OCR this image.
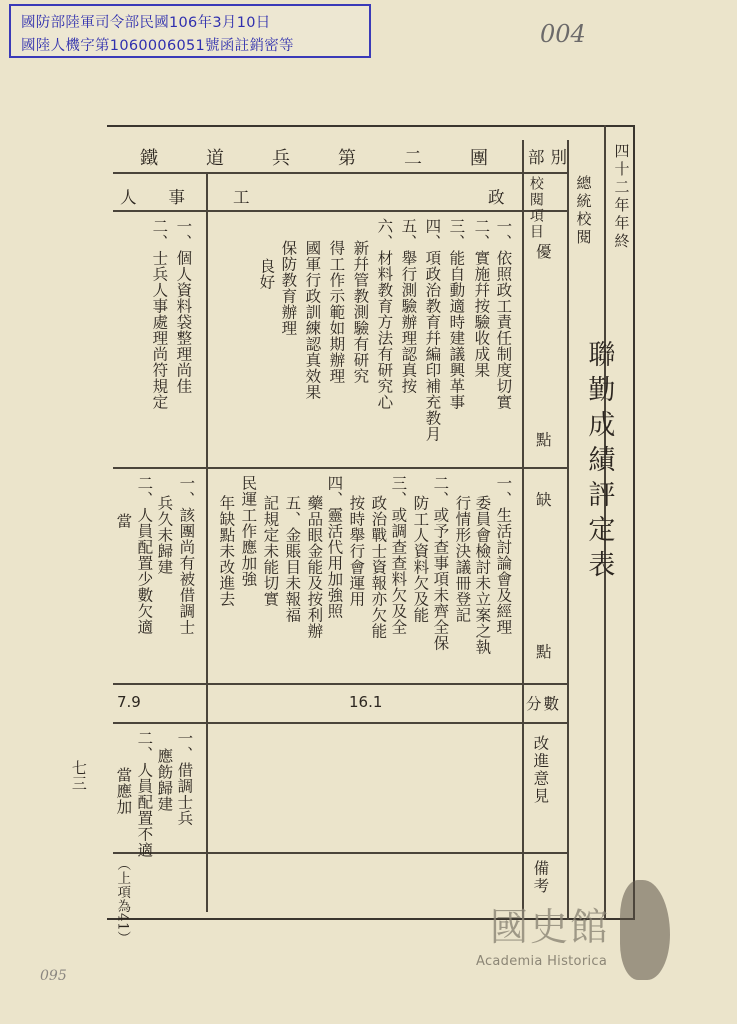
國防部陸軍司令部民國106年3月10日
國陸人機字第1060006051號函註銷密等	004
095
聯勤成績評定表
四十二年年終
總統校閱
部別
鐵道兵第二團
政
工
人事	校閱項目
優
點
缺
點
分數
改進意見
備考
一、依照政工責任制度切實
二、實施幷按驗收成果
三、能自動適時建議興革事
四、項政治教育幷編印補充教月
五、舉行測驗辦理認真按
六、材料教育方法有研究心
新幷管教測驗有研究
得工作示範如期辦理
國軍行政訓練認真效果
保防教育辦理
良好
一、個人資料袋整理尚佳
二、士兵人事處理尚符規定
一、生活討論會及經理
委員會檢討未立案之執
行情形決議冊登記
二、或予查事項未齊全保
防工人資料欠及能
三、或調查查料欠及全
政治戰士資報亦欠能
按時舉行會運用
四、靈活代用加強照
藥品眼金能及按利辦
五、金賬目未報福
記規定未能切實
民運工作應加強
年缺點未改進去
一、該團尚有被借調士
兵久未歸建
二、人員配置少數欠適
當
16.1
7.9
一、借調士兵
應飭歸建
二、人員配置不適
當應加
（上項為41）
七三
國史館
Academia Historica
